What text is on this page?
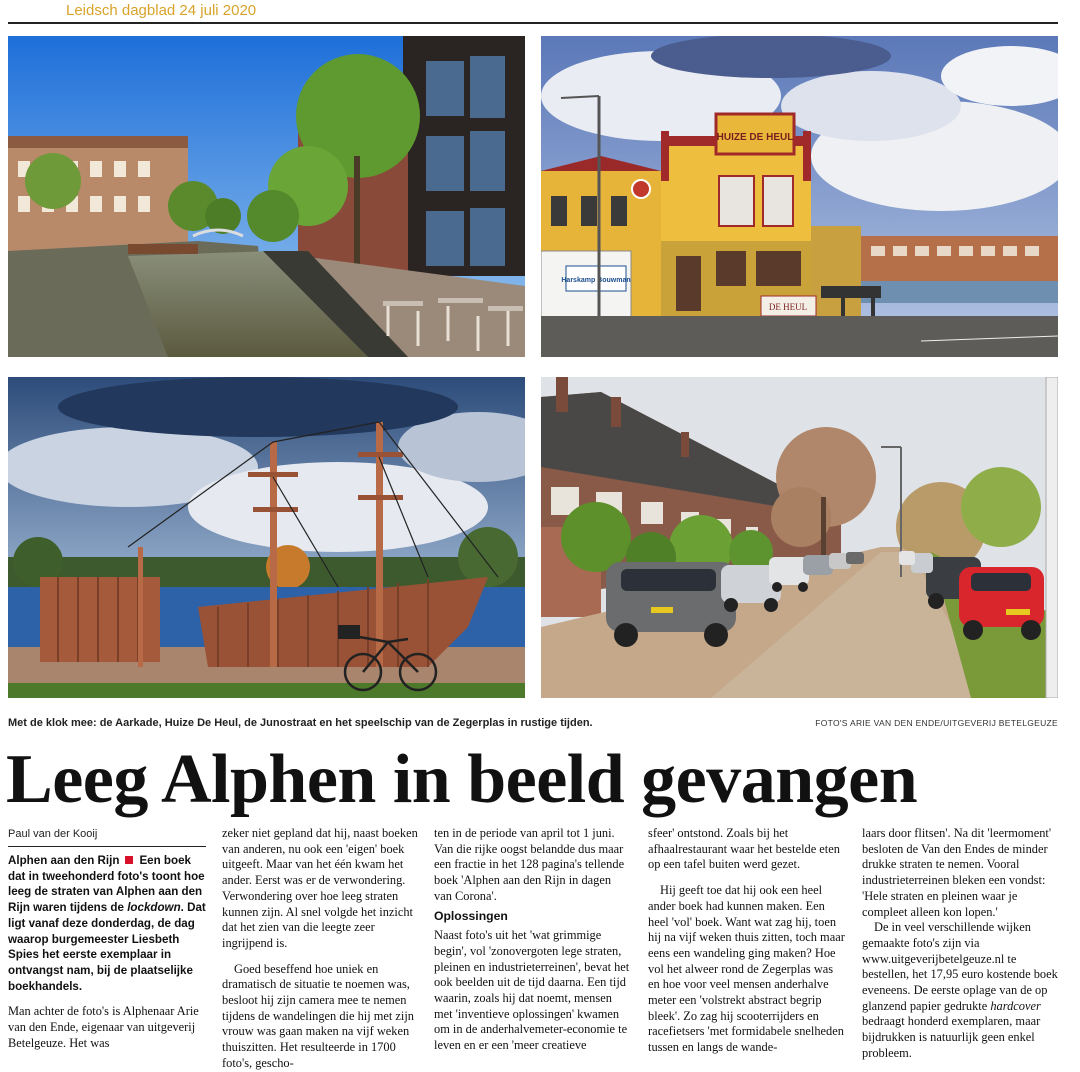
Leidsch dagblad 24 juli 2020
HUIZE DE HEUL
Harskamp Bouwman
DE HEUL
Met de klok mee: de Aarkade, Huize De Heul, de Junostraat en het speelschip van de Zegerplas in rustige tijden.	FOTO'S ARIE VAN DEN ENDE/UITGEVERIJ BETELGEUZE
Leeg Alphen in beeld gevangen
Paul van der Kooij

Alphen aan den Rijn Een boek dat in tweehonderd foto's toont hoe leeg de straten van Alphen aan den Rijn waren tijdens de lockdown. Dat ligt vanaf deze donderdag, de dag waarop burgemeester Liesbeth Spies het eerste exemplaar in ontvangst nam, bij de plaatselijke boekhandels.

Man achter de foto's is Alphenaar Arie van den Ende, eigenaar van uitgeverij Betelgeuze. Het was

zeker niet gepland dat hij, naast boeken van anderen, nu ook een 'eigen' boek uitgeeft. Maar van het één kwam het ander. Eerst was er de verwondering. Verwondering over hoe leeg straten kunnen zijn. Al snel volgde het inzicht dat het zien van die leegte zeer ingrijpend is.

Goed beseffend hoe uniek en dramatisch de situatie te noemen was, besloot hij zijn camera mee te nemen tijdens de wandelingen die hij met zijn vrouw was gaan maken na vijf weken thuiszitten. Het resulteerde in 1700 foto's, gescho-

ten in de periode van april tot 1 juni. Van die rijke oogst belandde dus maar een fractie in het 128 pagina's tellende boek 'Alphen aan den Rijn in dagen van Corona'.

Oplossingen

Naast foto's uit het 'wat grimmige begin', vol 'zonovergoten lege straten, pleinen en industrieterreinen', bevat het ook beelden uit de tijd daarna. Een tijd waarin, zoals hij dat noemt, mensen met 'inventieve oplossingen' kwamen om in de anderhalvemeter-economie te leven en er een 'meer creatieve

sfeer' ontstond. Zoals bij het afhaalrestaurant waar het bestelde eten op een tafel buiten werd gezet.

Hij geeft toe dat hij ook een heel ander boek had kunnen maken. Een heel 'vol' boek. Want wat zag hij, toen hij na vijf weken thuis zitten, toch maar eens een wandeling ging maken? Hoe vol het alweer rond de Zegerplas was en hoe voor veel mensen anderhalve meter een 'volstrekt abstract begrip bleek'. Zo zag hij scooterrijders en racefietsers 'met formidabele snelheden tussen en langs de wande-

laars door flitsen'. Na dit 'leermoment' besloten de Van den Endes de minder drukke straten te nemen. Vooral industrieterreinen bleken een vondst: 'Hele straten en pleinen waar je compleet alleen kon lopen.'

De in veel verschillende wijken gemaakte foto's zijn via www.uitgeverijbetelgeuze.nl te bestellen, het 17,95 euro kostende boek eveneens. De eerste oplage van de op glanzend papier gedrukte hardcover bedraagt honderd exemplaren, maar bijdrukken is natuurlijk geen enkel probleem.
